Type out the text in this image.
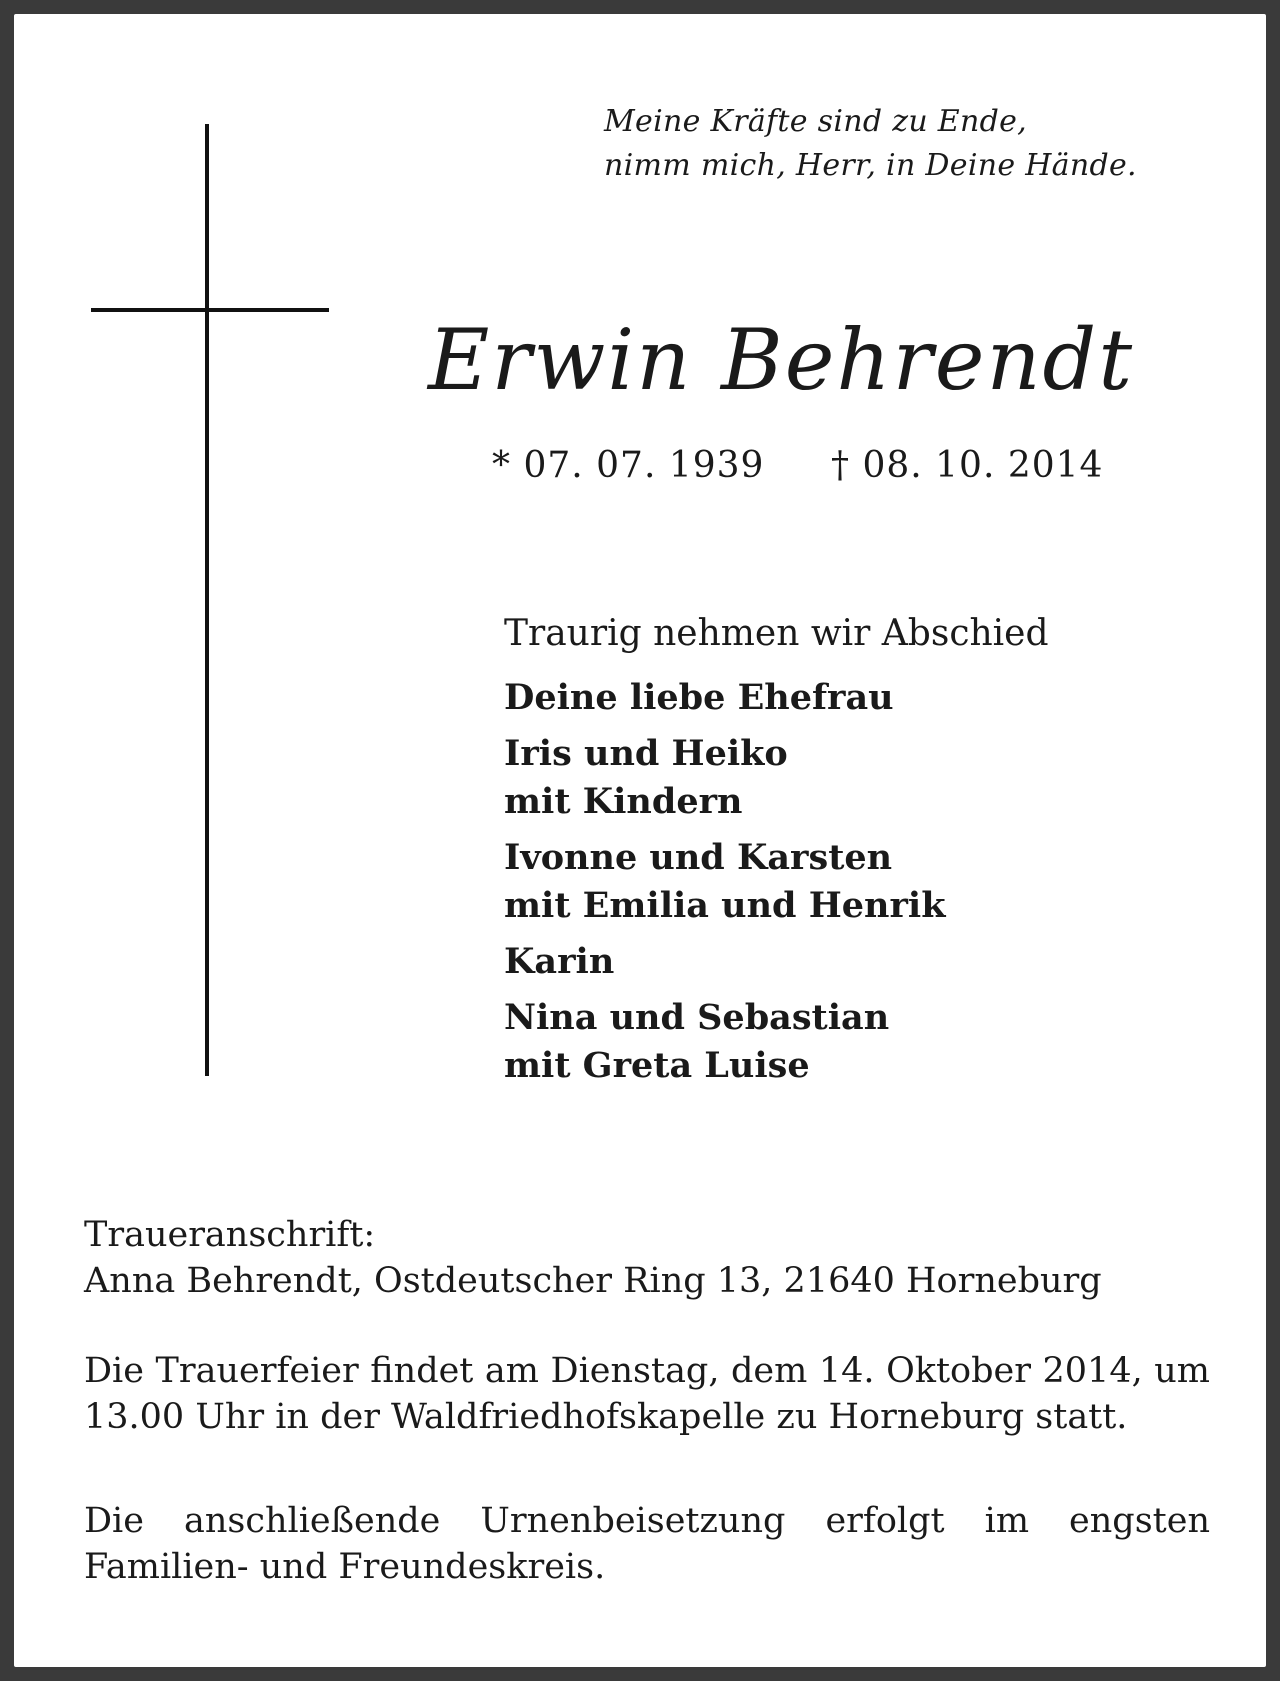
Meine Kräfte sind zu Ende,
nimm mich, Herr, in Deine Hände.
Erwin Behrendt
* 07. 07. 1939 † 08. 10. 2014
Traurig nehmen wir Abschied
Deine liebe Ehefrau
Iris und Heiko
mit Kindern
Ivonne und Karsten
mit Emilia und Henrik
Karin
Nina und Sebastian
mit Greta Luise
Traueranschrift:
Anna Behrendt, Ostdeutscher Ring 13, 21640 Horneburg
Die Trauerfeier findet am Dienstag, dem 14. Oktober 2014, um 13.00 Uhr in der Waldfriedhofskapelle zu Horneburg statt.
Die anschließende Urnenbeisetzung erfolgt im engsten Familien- und Freundeskreis.
